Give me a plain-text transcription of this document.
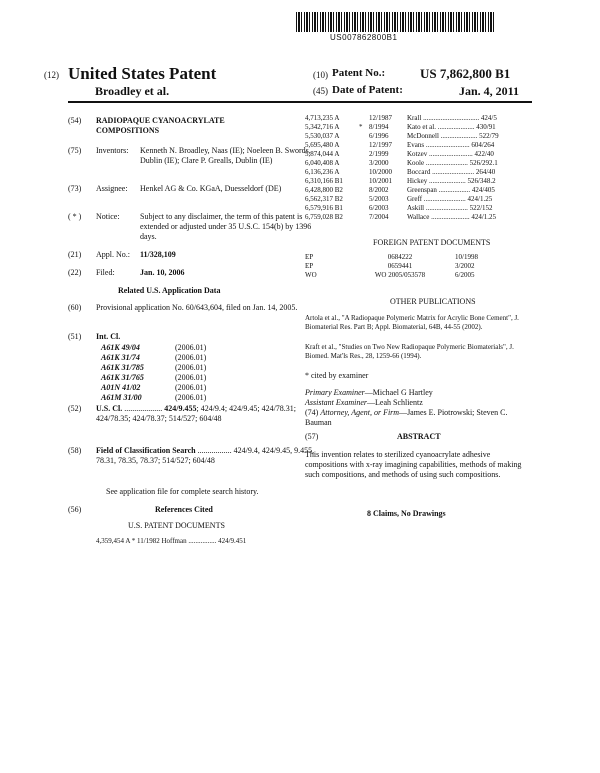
US007862800B1
(12) United States Patent
Broadley et al.
(10) Patent No.:	US 7,862,800 B1
(45) Date of Patent:	Jan. 4, 2011
(54) RADIOPAQUE CYANOACRYLATE COMPOSITIONS
(75) Inventors: Kenneth N. Broadley, Naas (IE); Noeleen B. Swords, Dublin (IE); Clare P. Grealls, Dublin (IE)
(73) Assignee: Henkel AG & Co. KGaA, Duesseldorf (DE)
( * ) Notice:	Subject to any disclaimer, the term of this patent is extended or adjusted under 35 U.S.C. 154(b) by 1396 days.
(21) Appl. No.: 11/328,109
(22) Filed:	Jan. 10, 2006
Related U.S. Application Data
(60) Provisional application No. 60/643,604, filed on Jan. 14, 2005.
(51) Int. Cl.
A61K 49/04	(2006.01)
A61K 31/74	(2006.01)
A61K 31/785	(2006.01)
A61K 31/765	(2006.01)
A01N 41/02	(2006.01)
A61M 31/00	(2006.01)
(52) U.S. Cl. ................... 424/9.455; 424/9.4; 424/9.45; 424/78.31; 424/78.35; 424/78.37; 514/527; 604/48
(58) Field of Classification Search ................. 424/9.4, 424/9.45, 9.455, 78.31, 78.35, 78.37; 514/527; 604/48
See application file for complete search history.
(56)	References Cited
U.S. PATENT DOCUMENTS
4,359,454 A * 11/1982 Hoffman ................ 424/9.451
4,713,235 A		12/1987	Krall ................................ 424/5
5,342,716 A	*	8/1994	Kato et al. ..................... 430/91
5,530,037 A		6/1996	McDonnell ..................... 522/79
5,695,480 A		12/1997	Evans ......................... 604/264
5,874,044 A		2/1999	Kotzev ......................... 422/40
6,040,408 A		3/2000	Koole ........................ 526/292.1
6,136,236 A		10/2000	Boccard ........................ 264/40
6,310,166 B1		10/2001	Hickey ..................... 526/348.2
6,428,800 B2		8/2002	Greenspan .................. 424/405
6,562,317 B2		5/2003	Greff ........................ 424/1.25
6,579,916 B1		6/2003	Askill ........................ 522/152
6,759,028 B2		7/2004	Wallace ...................... 424/1.25
FOREIGN PATENT DOCUMENTS
EP	0684222	10/1998
EP	0659441	3/2002
WO	WO 2005/053578	6/2005
OTHER PUBLICATIONS
Artola et al., "A Radiopaque Polymeric Matrix for Acrylic Bone Cement", J. Biomaterial Res. Part B; Appl. Biomaterial, 64B, 44-55 (2002).
Kraft et al., "Studies on Two New Radiopaque Polymeric Biomaterials", J. Biomed. Mat'ls Res., 28, 1259-66 (1994).
* cited by examiner
Primary Examiner—Michael G Hartley
Assistant Examiner—Leah Schlientz
(74) Attorney, Agent, or Firm—James E. Piotrowski; Steven C. Bauman
(57)	ABSTRACT
This invention relates to sterilized cyanoacrylate adhesive compositions with x-ray imagining capabilities, methods of making such compositions, and methods of using such compositions.
8 Claims, No Drawings
